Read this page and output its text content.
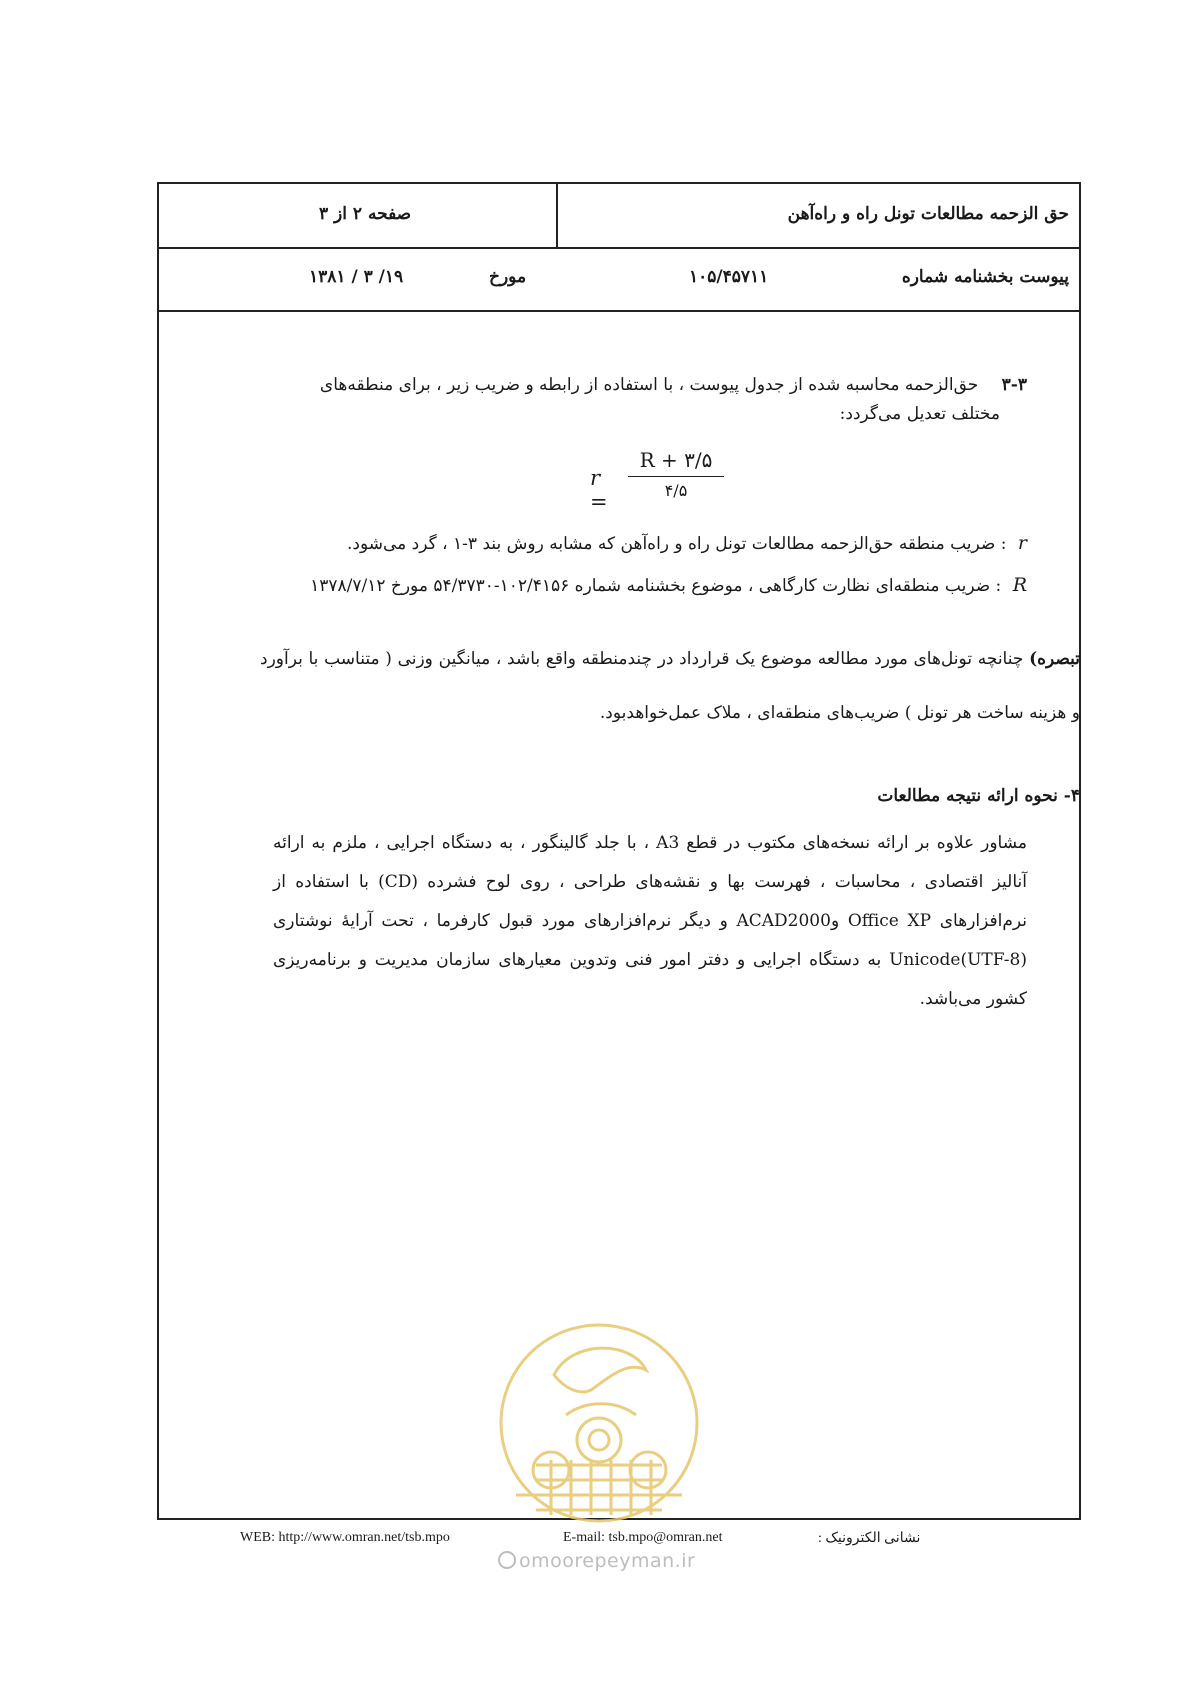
حق الزحمه مطالعات تونل راه و راه‌آهن
صفحه ۲ از ۳
پیوست بخشنامه شماره
۱۰۵/۴۵۷۱۱
مورخ
۱۳۸۱ / ۳ /۱۹
۳-۳ حق‌الزحمه محاسبه شده از جدول پیوست ، با استفاده از رابطه و ضریب زیر ، برای منطقه‌های
مختلف تعدیل می‌گردد:
r =
R + ۳/۵
۴/۵
r : ضریب منطقه حق‌الزحمه مطالعات تونل راه و راه‌آهن که مشابه روش بند ۳-۱ ، گرد می‌شود.
R : ضریب منطقه‌ای نظارت کارگاهی ، موضوع بخشنامه شماره ۱۰۲/۴۱۵۶-۵۴/۳۷۳۰ مورخ ۱۳۷۸/۷/۱۲
تبصره) چنانچه تونل‌های مورد مطالعه موضوع یک قرارداد در چندمنطقه واقع باشد ، میانگین وزنی ( متناسب با برآورد و هزینه ساخت هر تونل ) ضریب‌های منطقه‌ای ، ملاک عمل‌خواهدبود.
۴- نحوه ارائه نتیجه مطالعات
مشاور علاوه بر ارائه نسخه‌های مکتوب در قطع A3 ، با جلد گالینگور ، به دستگاه اجرایی ، ملزم به ارائه آنالیز اقتصادی ، محاسبات ، فهرست بها و نقشه‌های طراحی ، روی لوح فشرده (CD) با استفاده از نرم‌افزارهای Office XP وACAD2000 و دیگر نرم‌افزارهای مورد قبول کارفرما ، تحت آرایهٔ نوشتاری Unicode(UTF-8) به دستگاه اجرایی و دفتر امور فنی وتدوین معیارهای سازمان مدیریت و برنامه‌ریزی کشور می‌باشد.
WEB: http://www.omran.net/tsb.mpo	E-mail: tsb.mpo@omran.net	نشانی الکترونیک :
omoorepeyman.ir
